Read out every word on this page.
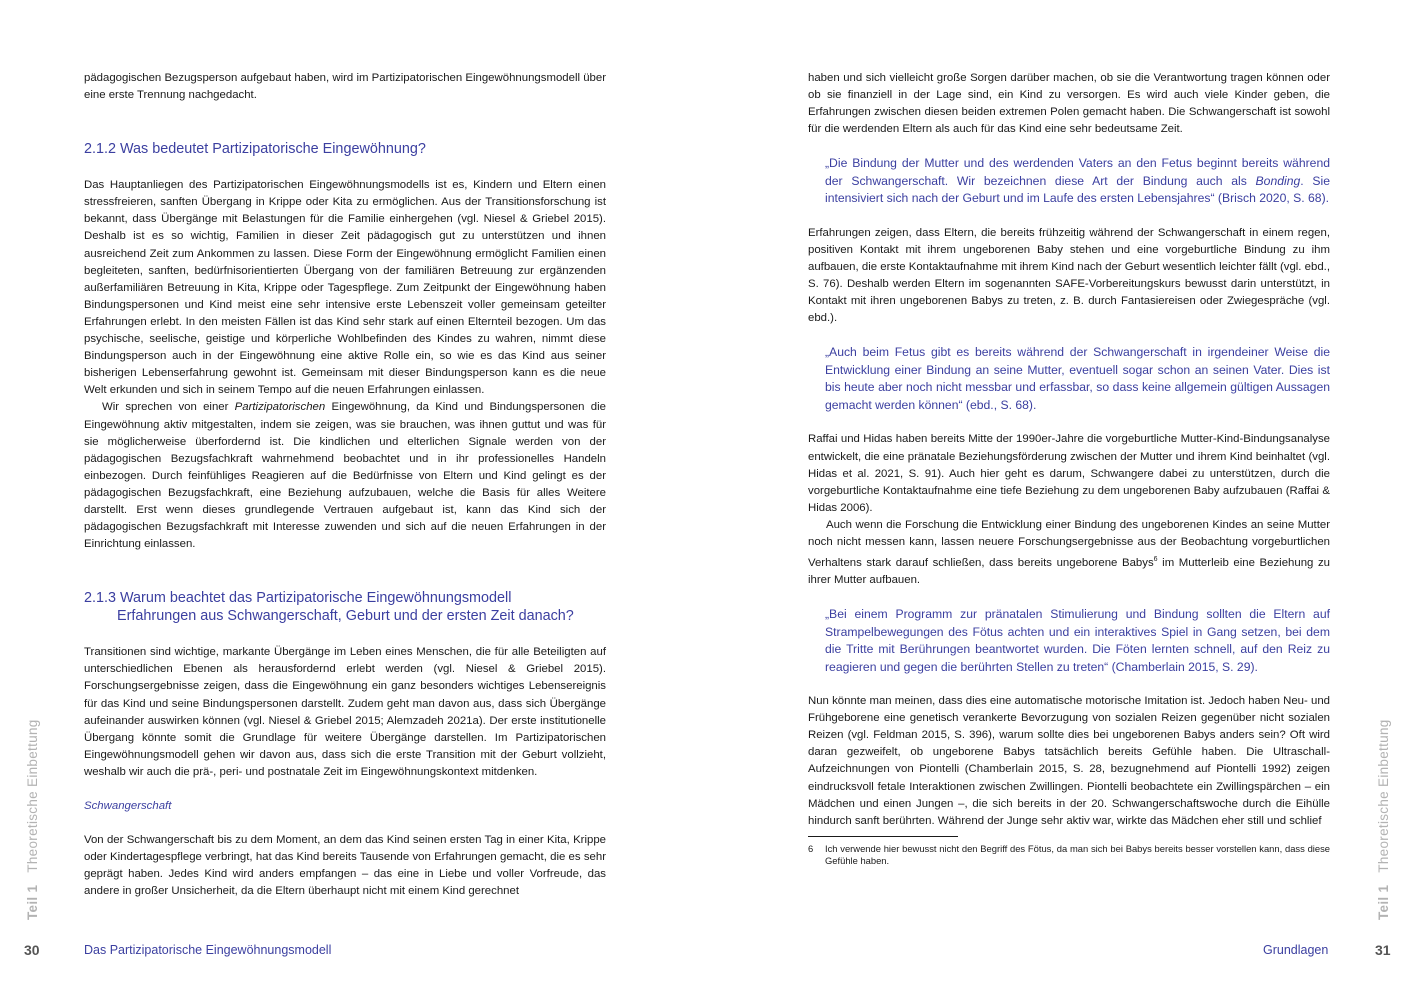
pädagogischen Bezugsperson aufgebaut haben, wird im Partizipatorischen Eingewöhnungsmodell über eine erste Trennung nachgedacht.

2.1.2 Was bedeutet Partizipatorische Eingewöhnung?

Das Hauptanliegen des Partizipatorischen Eingewöhnungsmodells ist es, Kindern und Eltern einen stressfreieren, sanften Übergang in Krippe oder Kita zu ermöglichen. Aus der Transitionsforschung ist bekannt, dass Übergänge mit Belastungen für die Familie einhergehen (vgl. Niesel & Griebel 2015). Deshalb ist es so wichtig, Familien in dieser Zeit pädagogisch gut zu unterstützen und ihnen ausreichend Zeit zum Ankommen zu lassen. Diese Form der Eingewöhnung ermöglicht Familien einen begleiteten, sanften, bedürfnisorientierten Übergang von der familiären Betreuung zur ergänzenden außerfamiliären Betreuung in Kita, Krippe oder Tagespflege. Zum Zeitpunkt der Eingewöhnung haben Bindungspersonen und Kind meist eine sehr intensive erste Lebenszeit voller gemeinsam geteilter Erfahrungen erlebt. In den meisten Fällen ist das Kind sehr stark auf einen Elternteil bezogen. Um das psychische, seelische, geistige und körperliche Wohlbefinden des Kindes zu wahren, nimmt diese Bindungsperson auch in der Eingewöhnung eine aktive Rolle ein, so wie es das Kind aus seiner bisherigen Lebenserfahrung gewohnt ist. Gemeinsam mit dieser Bindungsperson kann es die neue Welt erkunden und sich in seinem Tempo auf die neuen Erfahrungen einlassen.

Wir sprechen von einer Partizipatorischen Eingewöhnung, da Kind und Bindungspersonen die Eingewöhnung aktiv mitgestalten, indem sie zeigen, was sie brauchen, was ihnen guttut und was für sie möglicherweise überfordernd ist. Die kindlichen und elterlichen Signale werden von der pädagogischen Bezugsfachkraft wahrnehmend beobachtet und in ihr professionelles Handeln einbezogen. Durch feinfühliges Reagieren auf die Bedürfnisse von Eltern und Kind gelingt es der pädagogischen Bezugsfachkraft, eine Beziehung aufzubauen, welche die Basis für alles Weitere darstellt. Erst wenn dieses grundlegende Vertrauen aufgebaut ist, kann das Kind sich der pädagogischen Bezugsfachkraft mit Interesse zuwenden und sich auf die neuen Erfahrungen in der Einrichtung einlassen.

2.1.3 Warum beachtet das Partizipatorische Eingewöhnungsmodell
Erfahrungen aus Schwangerschaft, Geburt und der ersten Zeit danach?

Transitionen sind wichtige, markante Übergänge im Leben eines Menschen, die für alle Beteiligten auf unterschiedlichen Ebenen als herausfordernd erlebt werden (vgl. Niesel & Griebel 2015). Forschungsergebnisse zeigen, dass die Eingewöhnung ein ganz besonders wichtiges Lebensereignis für das Kind und seine Bindungspersonen darstellt. Zudem geht man davon aus, dass sich Übergänge aufeinander auswirken können (vgl. Niesel & Griebel 2015; Alemzadeh 2021a). Der erste institutionelle Übergang könnte somit die Grundlage für weitere Übergänge darstellen. Im Partizipatorischen Eingewöhnungsmodell gehen wir davon aus, dass sich die erste Transition mit der Geburt vollzieht, weshalb wir auch die prä-, peri- und postnatale Zeit im Eingewöhnungskontext mitdenken.

Schwangerschaft

Von der Schwangerschaft bis zu dem Moment, an dem das Kind seinen ersten Tag in einer Kita, Krippe oder Kindertagespflege verbringt, hat das Kind bereits Tausende von Erfahrungen gemacht, die es sehr geprägt haben. Jedes Kind wird anders empfangen – das eine in Liebe und voller Vorfreude, das andere in großer Unsicherheit, da die Eltern überhaupt nicht mit einem Kind gerechnet

Teil 1Theoretische Einbettung
30	Das Partizipatorische Eingewöhnungsmodell

haben und sich vielleicht große Sorgen darüber machen, ob sie die Verantwortung tragen können oder ob sie finanziell in der Lage sind, ein Kind zu versorgen. Es wird auch viele Kinder geben, die Erfahrungen zwischen diesen beiden extremen Polen gemacht haben. Die Schwangerschaft ist sowohl für die werdenden Eltern als auch für das Kind eine sehr bedeutsame Zeit.

„Die Bindung der Mutter und des werdenden Vaters an den Fetus beginnt bereits während der Schwangerschaft. Wir bezeichnen diese Art der Bindung auch als Bonding. Sie intensiviert sich nach der Geburt und im Laufe des ersten Lebensjahres“ (Brisch 2020, S. 68).

Erfahrungen zeigen, dass Eltern, die bereits frühzeitig während der Schwangerschaft in einem regen, positiven Kontakt mit ihrem ungeborenen Baby stehen und eine vorgeburtliche Bindung zu ihm aufbauen, die erste Kontaktaufnahme mit ihrem Kind nach der Geburt wesentlich leichter fällt (vgl. ebd., S. 76). Deshalb werden Eltern im sogenannten SAFE-Vorbereitungskurs bewusst darin unterstützt, in Kontakt mit ihren ungeborenen Babys zu treten, z. B. durch Fantasiereisen oder Zwiegespräche (vgl. ebd.).

„Auch beim Fetus gibt es bereits während der Schwangerschaft in irgendeiner Weise die Entwicklung einer Bindung an seine Mutter, eventuell sogar schon an seinen Vater. Dies ist bis heute aber noch nicht messbar und erfassbar, so dass keine allgemein gültigen Aussagen gemacht werden können“ (ebd., S. 68).

Raffai und Hidas haben bereits Mitte der 1990er-Jahre die vorgeburtliche Mutter-Kind-Bindungsanalyse entwickelt, die eine pränatale Beziehungsförderung zwischen der Mutter und ihrem Kind beinhaltet (vgl. Hidas et al. 2021, S. 91). Auch hier geht es darum, Schwangere dabei zu unterstützen, durch die vorgeburtliche Kontaktaufnahme eine tiefe Beziehung zu dem ungeborenen Baby aufzubauen (Raffai & Hidas 2006).

Auch wenn die Forschung die Entwicklung einer Bindung des ungeborenen Kindes an seine Mutter noch nicht messen kann, lassen neuere Forschungsergebnisse aus der Beobachtung vorgeburtlichen Verhaltens stark darauf schließen, dass bereits ungeborene Babys$^6$ im Mutterleib eine Beziehung zu ihrer Mutter aufbauen.

„Bei einem Programm zur pränatalen Stimulierung und Bindung sollten die Eltern auf Strampelbewegungen des Fötus achten und ein interaktives Spiel in Gang setzen, bei dem die Tritte mit Berührungen beantwortet wurden. Die Föten lernten schnell, auf den Reiz zu reagieren und gegen die berührten Stellen zu treten“ (Chamberlain 2015, S. 29).

Nun könnte man meinen, dass dies eine automatische motorische Imitation ist. Jedoch haben Neu- und Frühgeborene eine genetisch verankerte Bevorzugung von sozialen Reizen gegenüber nicht sozialen Reizen (vgl. Feldman 2015, S. 396), warum sollte dies bei ungeborenen Babys anders sein? Oft wird daran gezweifelt, ob ungeborene Babys tatsächlich bereits Gefühle haben. Die Ultraschall-Aufzeichnungen von Piontelli (Chamberlain 2015, S. 28, bezugnehmend auf Piontelli 1992) zeigen eindrucksvoll fetale Interaktionen zwischen Zwillingen. Piontelli beobachtete ein Zwillingspärchen – ein Mädchen und einen Jungen –, die sich bereits in der 20. Schwangerschaftswoche durch die Eihülle hindurch sanft berührten. Während der Junge sehr aktiv war, wirkte das Mädchen eher still und schlief

6	Ich verwende hier bewusst nicht den Begriff des Fötus, da man sich bei Babys bereits besser vorstellen kann, dass diese Gefühle haben.
Teil 1Theoretische Einbettung
31
Grundlagen
